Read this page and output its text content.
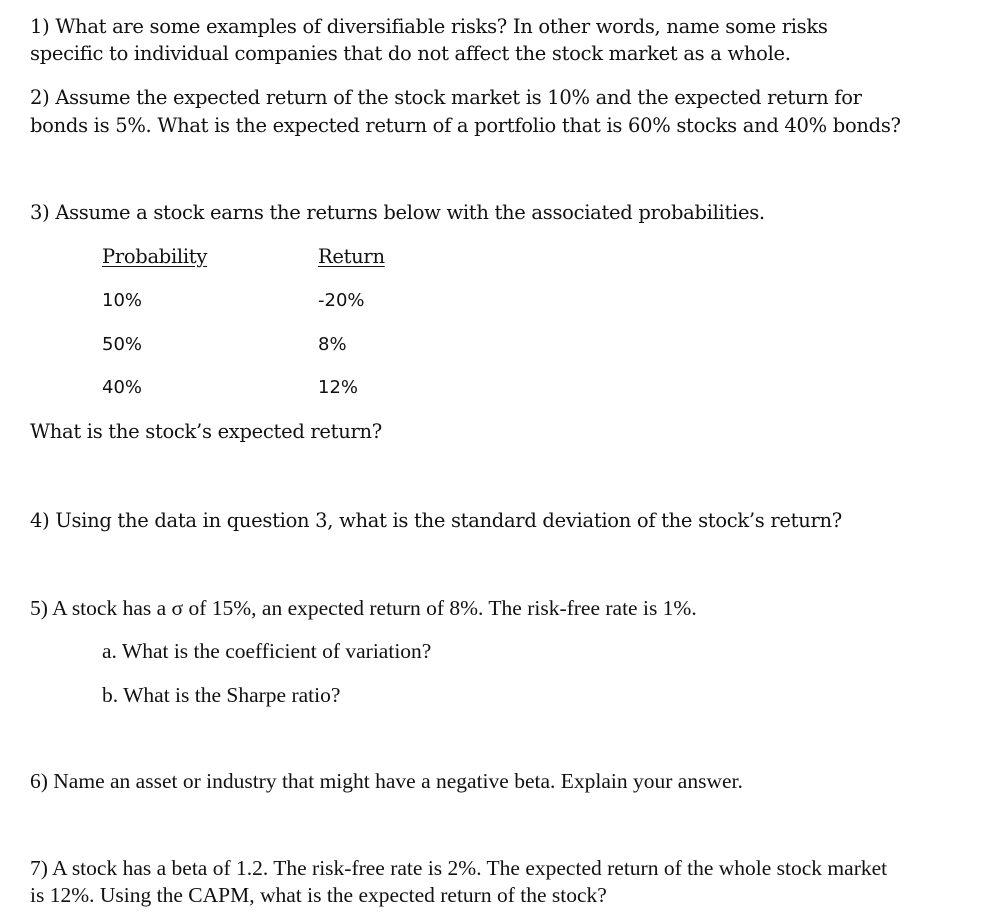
1) What are some examples of diversifiable risks? In other words, name some risks
specific to individual companies that do not affect the stock market as a whole.
2) Assume the expected return of the stock market is 10% and the expected return for
bonds is 5%. What is the expected return of a portfolio that is 60% stocks and 40% bonds?
3) Assume a stock earns the returns below with the associated probabilities.
Probability	Return
10%	-20%
50%	8%
40%	12%
What is the stock’s expected return?
4) Using the data in question 3, what is the standard deviation of the stock’s return?
5) A stock has a σ of 15%, an expected return of 8%. The risk-free rate is 1%.
a. What is the coefficient of variation?
b. What is the Sharpe ratio?
6) Name an asset or industry that might have a negative beta. Explain your answer.
7) A stock has a beta of 1.2. The risk-free rate is 2%. The expected return of the whole stock market
is 12%. Using the CAPM, what is the expected return of the stock?
